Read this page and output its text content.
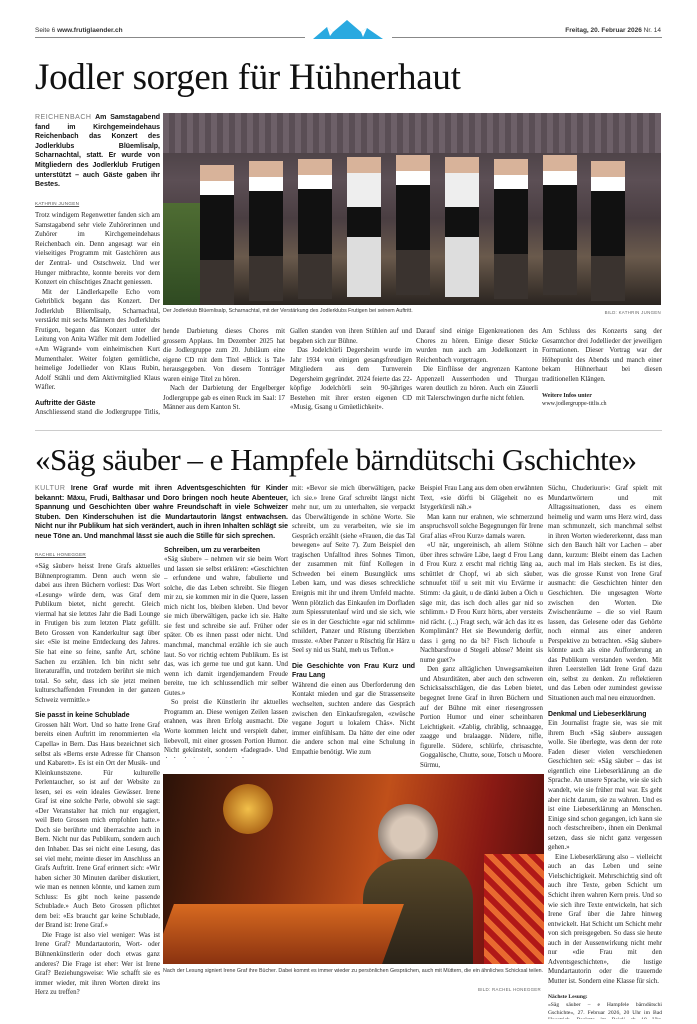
Seite 6 www.frutiglaender.ch	Freitag, 20. Februar 2026 Nr. 14
Jodler sorgen für Hühnerhaut
REICHENBACH Am Samstagabend fand im Kirchgemeindehaus Reichenbach das Konzert des Jodlerklubs Blüemlisalp, Scharnachtal, statt. Er wurde von Mitgliedern des Jodlerklub Frutigen unterstützt – auch Gäste gaben ihr Bestes.
KATHRIN JUNGEN

Trotz windigem Regenwetter fanden sich am Samstagabend sehr viele Zuhörerinnen und Zuhörer im Kirchgemeindehaus Reichenbach ein. Denn angesagt war ein vielseitiges Programm mit Gastchören aus der Zentral- und Ostschweiz. Und wer Hunger mitbrachte, konnte bereits vor dem Konzert ein chüschtiges Znacht geniessen.

Mit der Ländlerkapelle Echo vom Gehriblick begann das Konzert. Der Jodlerklub Blüemlisalp, Scharnachtal, verstärkt mit sechs Männern des Jodlerklubs Frutigen, begann das Konzert unter der Leitung von Anita Wäfler mit dem Jodellied «Am Wägrand» vom einheimischen Kurt Mumenthaler. Weiter folgten gemütliche, heimelige Jodellieder von Klaus Rubin, Adolf Stähli und dem Aktivmitglied Klaus Wäfler.

Auftritte der Gäste

Anschliessend stand die Jodlergruppe Titlis,

Der Jodlerklub Blüemlisalp, Scharnachtal, mit der Verstärkung des Jodlerklubs Frutigen bei seinem Auftritt.	BILD: KATHRIN JUNGEN

hende Darbietung dieses Chores mit grossem Applaus. Im Dezember 2025 hat die Jodlergruppe zum 20. Jubiläum eine eigene CD mit dem Titel «Blick is Tal» herausgegeben. Von diesem Tonträger waren einige Titel zu hören.

Nach der Darbietung der Engelberger Jodlergruppe gab es einen Ruck im Saal: 17 Männer aus dem Kanton St.

Gallen standen von ihren Stühlen auf und begaben sich zur Bühne.

Das Jodelchörli Degersheim wurde im Jahr 1934 von einigen gesangsfreudigen Mitgliedern aus dem Turnverein Degersheim gegründet. 2024 feierte das 22-köpfige Jodelchörli sein 90-jähriges Bestehen mit ihrer ersten eigenen CD «Musig, Gsang u Gmüetlichkeit».

Darauf sind einige Eigenkreationen des Chores zu hören. Einige dieser Stücke wurden nun auch am Jodelkonzert in Reichenbach vorgetragen.

Die Einflüsse der angrenzen Kantone Appenzell Ausserrhoden und Thurgau waren deutlich zu hören. Auch ein Zäuerli mit Talerschwingen durfte nicht fehlen.

Am Schluss des Konzerts sang der Gesamtchor drei Jodellieder der jeweiligen Formationen. Dieser Vortrag war der Höhepunkt des Abends und manch einer bekam Hühnerhaut bei diesen traditionellen Klängen.

Weitere Infos unter
www.jodlergruppe-titlis.ch
«Säg säuber – e Hampfele bärndütschi Gschichte»
KULTUR Irene Graf wurde mit ihren Adventsgeschichten für Kinder bekannt: Mäxu, Frudi, Balthasar und Doro bringen noch heute Abenteuer, Spannung und Geschichten über wahre Freundschaft in viele Schweizer Stuben. Den Kinderschuhen ist die Mundartautorin längst entwachsen. Nicht nur ihr Publikum hat sich verändert, auch in ihren Inhalten schlägt sie neue Töne an. Und manchmal lässt sie auch die Stille für sich sprechen.
RACHEL HONEGGER

«Säg säuber» heisst Irene Grafs aktuelles Bühnenprogramm. Denn auch wenn sie dabei aus ihren Büchern vorliest: Das Wort «Lesung» würde dem, was Graf dem Publikum bietet, nicht gerecht. Gleich viermal hat sie letztes Jahr die Badi Lounge in Frutigen bis zum letzten Platz gefüllt. Beto Grossen von Kanderkultur sagt über sie: «Sie ist meine Entdeckung des Jahres. Sie hat eine so feine, sanfte Art, schöne Sachen zu erzählen. Ich bin nicht sehr literaturaffin, und trotzdem berührt sie mich total. So sehr, dass ich sie jetzt meinen kulturschaffenden Freunden in der ganzen Schweiz vermittle.»

Sie passt in keine Schublade

Grossen hält Wort. Und so hatte Irene Graf bereits einen Auftritt im renommierten «la Capella» in Bern. Das Haus bezeichnet sich selbst als «Berns erste Adresse für Chanson und Kabarett». Es ist ein Ort der Musik- und Kleinkunstszene. Für kulturelle Perlentaucher, so ist auf der Website zu lesen, sei es «ein ideales Gewässer. Irene Graf ist eine solche Perle, obwohl sie sagt: «Der Veranstalter hat mich nur engagiert, weil Beto Grossen mich empfohlen hatte.» Doch sie berührte und überraschte auch in Bern. Nicht nur das Publikum, sondern auch den Inhaber. Das sei nicht eine Lesung, das sei viel mehr, meinte dieser im Anschluss an Grafs Auftritt. Irene Graf erinnert sich: «Wir haben sicher 30 Minuten darüber diskutiert, wie man es nennen könnte, und kamen zum Schluss: Es gibt noch keine passende Schublade.» Auch Beto Grossen pflichtet dem bei: «Es braucht gar keine Schublade, der Brand ist: Irene Graf.»

Die Frage ist also viel weniger: Was ist Irene Graf? Mundartautorin, Wort- oder Bühnenkünstlerin oder doch etwas ganz anderes? Die Frage ist eher: Wer ist Irene Graf? Beziehungsweise: Wie schafft sie es immer wieder, mit ihren Worten direkt ins Herz zu treffen?

Schreiben, um zu verarbeiten

«Säg säuber» – nehmen wir sie beim Wort und lassen sie selbst erklären: «Geschichten – erfundene und wahre, fabulierte und solche, die das Leben schreibt. Sie fliegen mir zu, sie kommen mir in die Quere, lassen mich nicht los, bleiben kleben. Und bevor sie mich überwältigen, packe ich sie. Halte sie fest und schreibe sie auf. Früher oder später. Ob es ihnen passt oder nicht. Und manchmal, manchmal erzähle ich sie auch laut. So vor richtig echtem Publikum. Es ist das, was ich gerne tue und gut kann. Und wenn ich damit irgendjemandem Freude bereite, tue ich schlussendlich mir selber Gutes.»

So preist die Künstlerin ihr aktuelles Programm an. Diese wenigen Zeilen lassen erahnen, was ihren Erfolg ausmacht. Die Worte kommen leicht und verspielt daher, liebevoll, mit einer grossen Portion Humor. Nicht gekünstelt, sondern «fadegrad». Und

mit: «Bevor sie mich überwältigen, packe ich sie.» Irene Graf schreibt längst nicht mehr nur, um zu unterhalten, sie verpackt das Überwältigende in schöne Worte. Sie schreibt, um zu verarbeiten, wie sie im Gespräch erzählt (siehe «Frauen, die das Tal bewegen» auf Seite 7). Zum Beispiel den tragischen Unfalltod ihres Sohnes Timon, der zusammen mit fünf Kollegen in Schweden bei einem Busunglück ums Leben kam, und was dieses schreckliche Ereignis mit ihr und ihrem Umfeld machte. Wenn plötzlich das Einkaufen im Dorfladen zum Spiessrutenlauf wird und sie sich, wie sie es in der Geschichte «gar nid schlimm» schildert, Panzer und Rüstung überziehen musste. «Aber Panzer u Rüschtig für Härz u Seel sy nid us Stahl, meh us Teflon.»

Die Geschichte von Frau Kurz und Frau Lang

Während die einen aus Überforderung den Kontakt mieden und gar die Strassenseite wechselten, suchten andere das Gespräch zwischen den Einkaufsregalen, «zwüsche vegane Jogurt u lokalem Chäs». Nicht immer einfühlsam. Da hätte der eine oder die andere schon mal eine Schulung in Empathie benötigt. Wie zum

Beispiel Frau Lang aus dem oben erwähnten Text, «sie dörfti bi Glägeheit no es Istygerkürsli näh.»

Man kann nur erahnen, wie schmerzund anspruchsvoll solche Begegnungen für Irene Graf alias «Frou Kurz» damals waren.

«U när, ungereinisch, ah allem Stöhne über ihres schwäre Läbe, laegt d Frou Lang d Frou Kurz z erscht mal richtig läng aa, schüttlet dr Chopf, wi ab sich säuber, schnuufet töif u seit mit viu Ervärme ir Stimm: ‹Ja gäuit, u de dänki äuben a Öich u säge mir, das isch doch alles gar nid so schlimm.› D Frou Kurz hörts, aber versteits nid rächt. (...) Fragt sech, wär äch das itz es Komplimänt? Het sie Bewunderig derfür, dass i geng no da bi? Fisch lichoufe u Nachbarsfroue d Stegeli ablose? Meint sis nume guet?»

Den ganz alltäglichen Unwegsamkeiten und Absurditäten, aber auch den schweren Schicksalsschlägen, die das Leben bietet, begegnet Irene Graf in ihren Büchern und auf der Bühne mit einer riesengrossen Portion Humor und einer scheinbaren Leichtigkeit. «Zablig, chräblig, schnaagge, zaagge und bralaagge. Nüdere, nifle, figurelle. Südere, schlürfe, chrisaschte, Goggalüsche, Chutte, soue, Totsch u Moore. Sürmu,

Süchu, Chuderiuuri»: Graf spielt mit Mundartwörtern und mit Alltagssituationen, dass es einem heimelig und warm ums Herz wird, dass man schmunzelt, sich manchmal selbst in ihren Worten wiedererkennt, dass man sich den Bauch hält vor Lachen – aber dann, kurzum: Bleibt einem das Lachen auch mal im Hals stecken. Es ist dies, was die grosse Kunst von Irene Graf ausmacht: die Geschichten hinter den Geschichten. Die ungesagten Worte zwischen den Worten. Die Zwischenräume – die so viel Raum lassen, das Gelesene oder das Gehörte noch einmal aus einer anderen Perspektive zu betrachten. «Säg säuber» könnte auch als eine Aufforderung an das Publikum verstanden werden. Mit ihren Leerstellen lädt Irene Graf dazu ein, selbst zu denken. Zu reflektieren und das Leben oder zumindest gewisse Situationen auch mal neu einzuordnen.

Denkmal und Liebeserklärung

Ein Journalist fragte sie, was sie mit ihrem Buch «Säg säuber» aussagen wolle. Sie überlegte, was denn der rote Faden dieser vielen verschiedenen Geschichten sei: «Säg säuber – das ist eigentlich eine Liebeserklärung an die Sprache. An unsere Sprache, wie sie sich wandelt, wie sie früher mal war. Es geht aber nicht darum, sie zu wahren. Und es ist eine Liebeserklärung an Menschen. Einige sind schon gegangen, ich kann sie noch ‹festschreiben›, ihnen ein Denkmal setzen, dass sie nicht ganz vergessen gehen.»

Eine Liebeserklärung also – vielleicht auch an das Leben und seine Vielschichtigkeit. Mehrschichtig sind oft auch ihre Texte, geben Schicht um Schicht ihren wahren Kern preis. Und so wie sich ihre Texte entwickeln, hat sich Irene Graf über die Jahre hinweg entwickelt. Hat Schicht um Schicht mehr von sich preisgegeben. So dass sie heute auch in der Aussenwirkung nicht mehr nur «die Frau mit den Adventsgeschichten», die lustige Mundartautorin oder die trauernde Mutter ist. Sondern eine Klasse für sich.

Nächste Lesung:
«Säg säuber – e Hampfele bärndütschi Gschichte», 27. Februar 2026, 20 Uhr im Bad
Nach der Lesung signiert Irene Graf ihre Bücher. Dabei kommt es immer wieder zu persönlichen Gesprächen, auch mit Müttern, die ein ähnliches Schicksal teilen.
BILD: RACHEL HONEGGER
